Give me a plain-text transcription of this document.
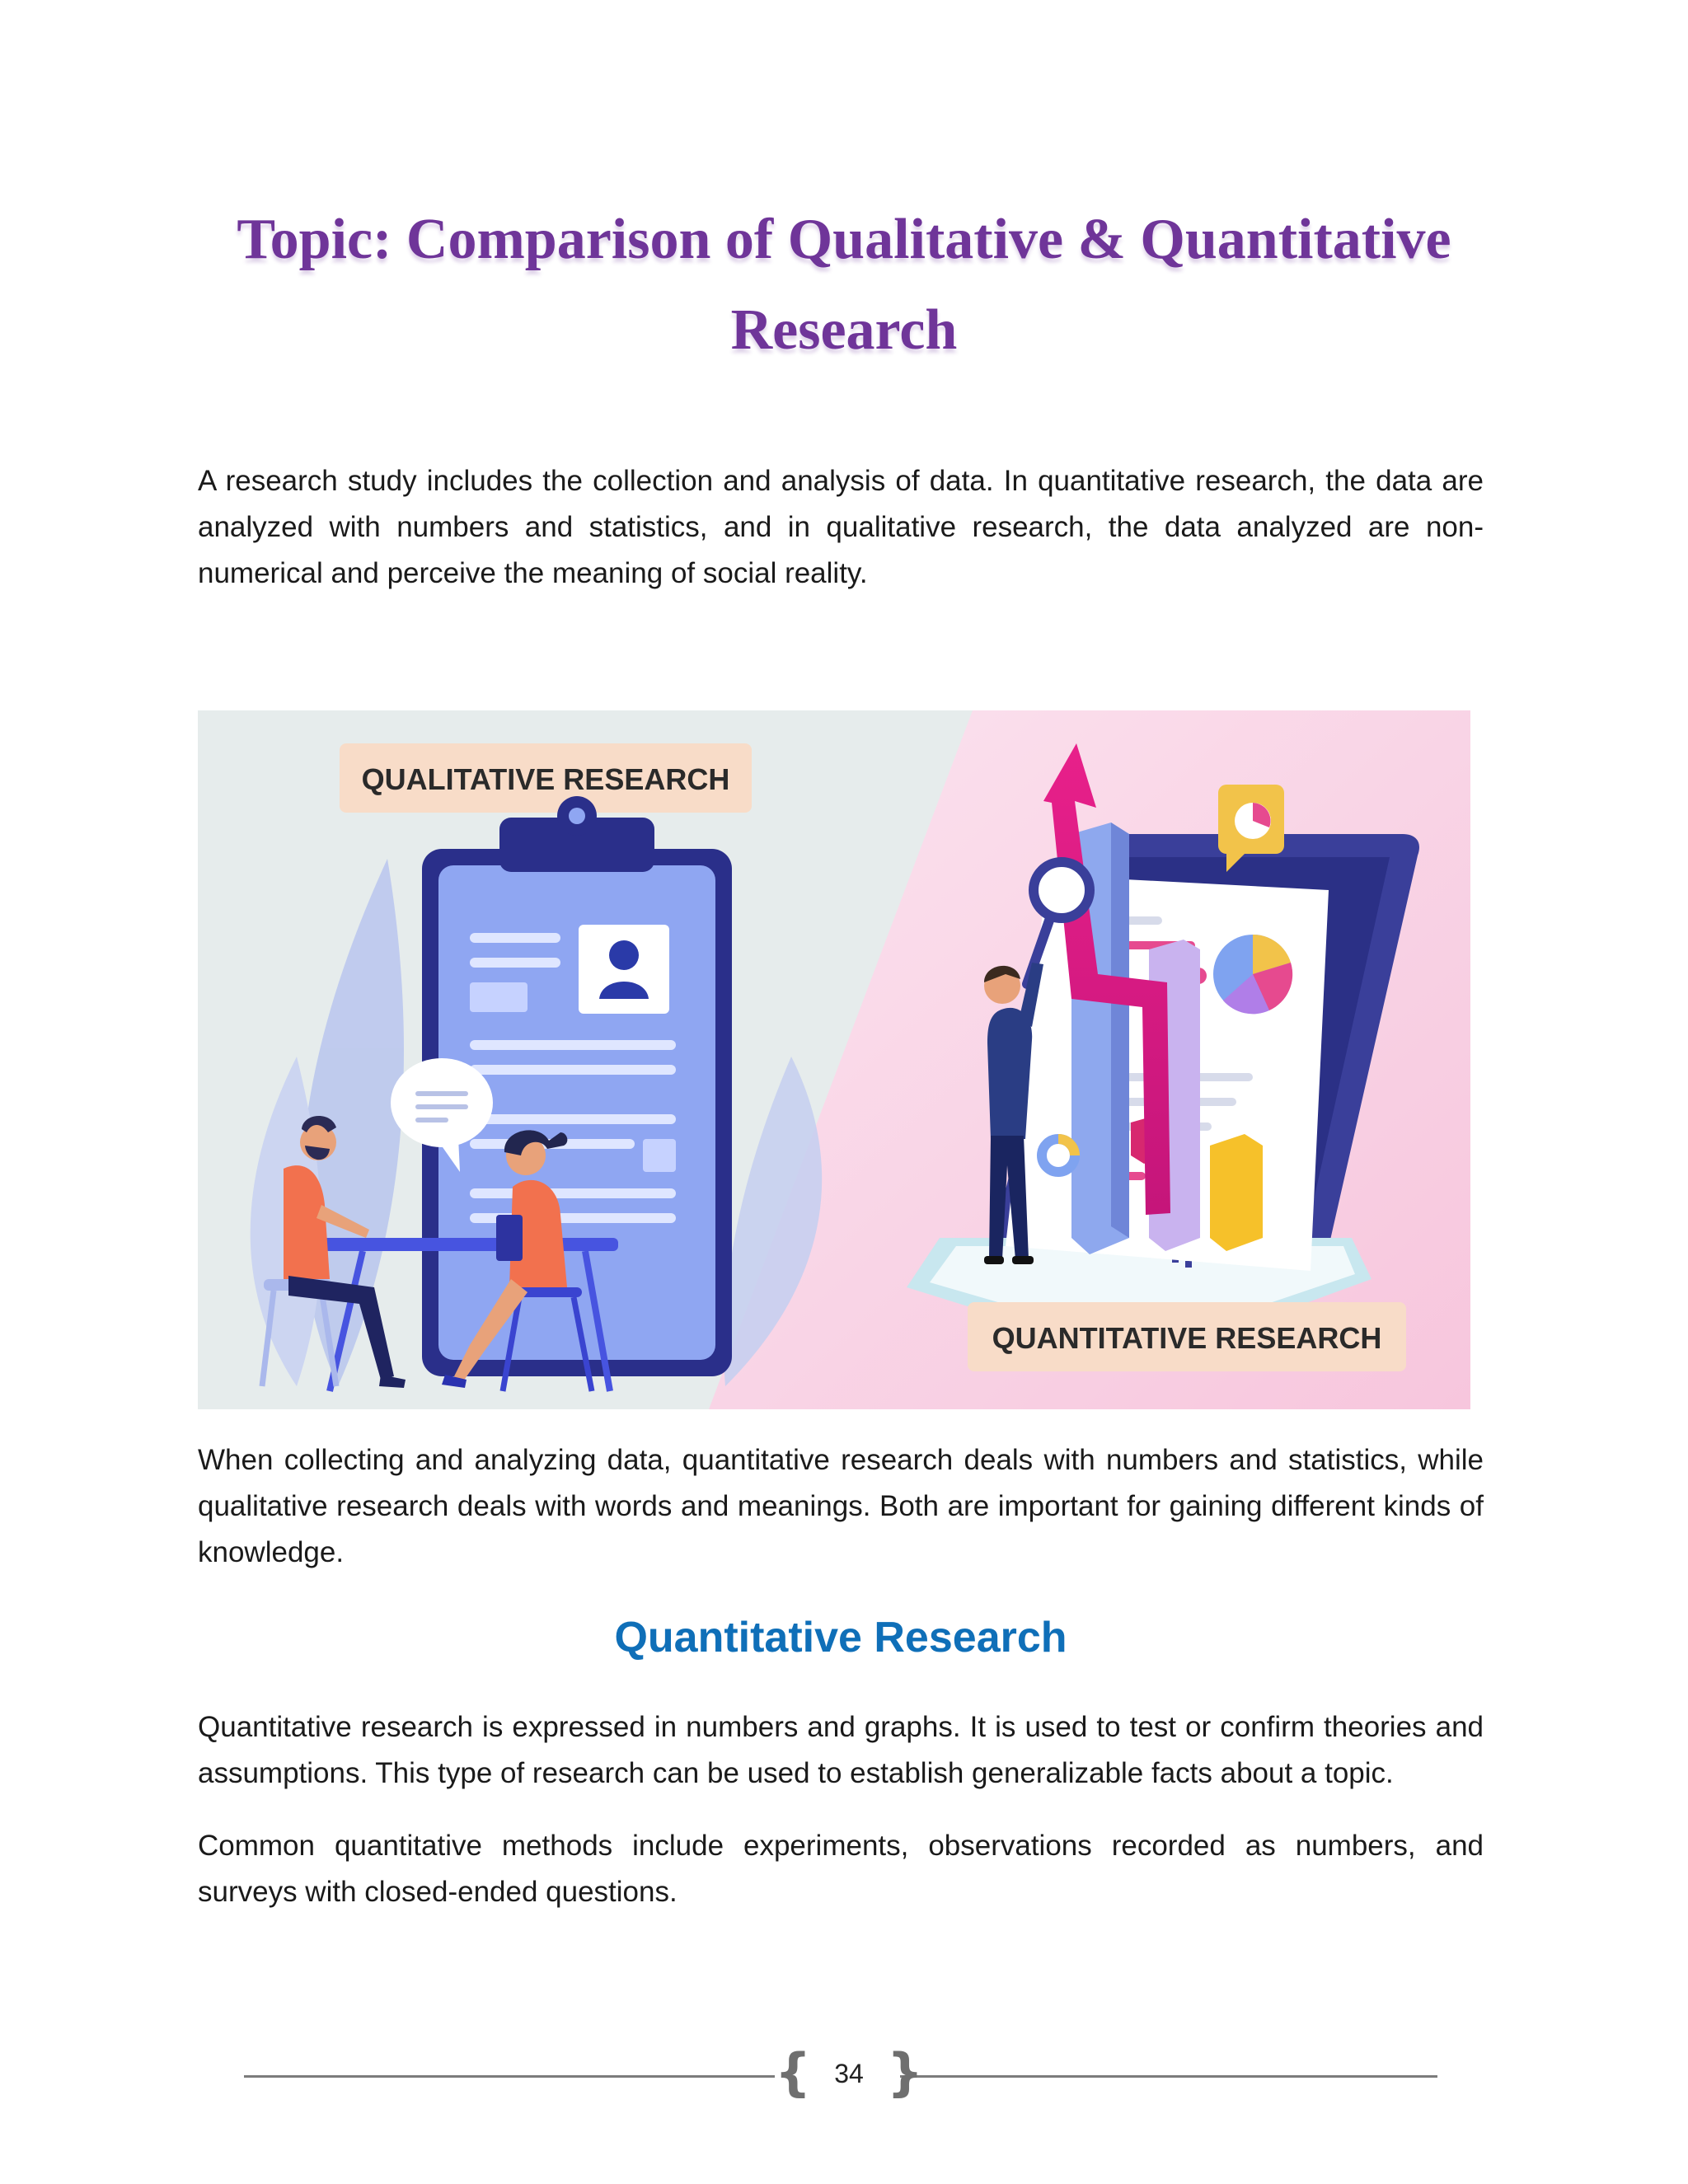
Topic: Comparison of Qualitative & Quantitative Research

A research study includes the collection and analysis of data. In quantitative research, the data are analyzed with numbers and statistics, and in qualitative research, the data analyzed are non-numerical and perceive the meaning of social reality.

QUALITATIVE RESEARCH
QUANTITATIVE RESEARCH

When collecting and analyzing data, quantitative research deals with numbers and statistics, while qualitative research deals with words and meanings. Both are important for gaining different kinds of knowledge.

Quantitative Research

Quantitative research is expressed in numbers and graphs. It is used to test or confirm theories and assumptions. This type of research can be used to establish generalizable facts about a topic.

Common quantitative methods include experiments, observations recorded as numbers, and surveys with closed-ended questions.

{ 34 }
